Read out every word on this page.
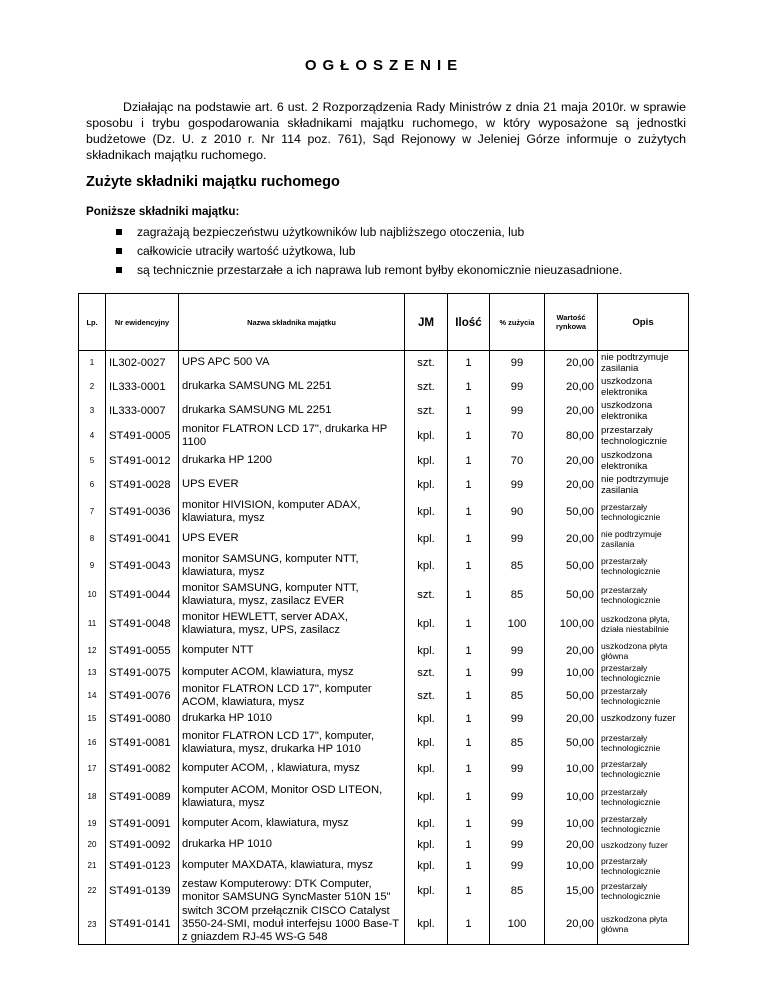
OGŁOSZENIE
Działając na podstawie art. 6 ust. 2 Rozporządzenia Rady Ministrów z dnia 21 maja 2010r. w sprawie sposobu i trybu gospodarowania składnikami majątku ruchomego, w który wyposażone są jednostki budżetowe (Dz. U. z 2010 r. Nr 114 poz. 761), Sąd Rejonowy w Jeleniej Górze informuje o zużytych składnikach majątku ruchomego.
Zużyte składniki majątku ruchomego
Poniższe składniki majątku:
zagrażają bezpieczeństwu użytkowników lub najbliższego otoczenia, lub
całkowicie utraciły wartość użytkowa, lub
są technicznie przestarzałe a ich naprawa lub remont byłby ekonomicznie nieuzasadnione.
Lp.	Nr ewidencyjny	Nazwa składnika majątku	JM	Ilość	% zużycia	Wartość rynkowa	Opis
1	IL302-0027	UPS APC 500 VA	szt.	1	99	20,00	nie podtrzymuje zasilania
2	IL333-0001	drukarka SAMSUNG ML 2251	szt.	1	99	20,00	uszkodzona elektronika
3	IL333-0007	drukarka SAMSUNG ML 2251	szt.	1	99	20,00	uszkodzona elektronika
4	ST491-0005	monitor FLATRON LCD 17", drukarka HP 1100	kpl.	1	70	80,00	przestarzały technologicznie
5	ST491-0012	drukarka HP 1200	kpl.	1	70	20,00	uszkodzona elektronika
6	ST491-0028	UPS EVER	kpl.	1	99	20,00	nie podtrzymuje zasilania
7	ST491-0036	monitor HIVISION, komputer ADAX, klawiatura, mysz	kpl.	1	90	50,00	przestarzały technologicznie
8	ST491-0041	UPS EVER	kpl.	1	99	20,00	nie podtrzymuje zasilania
9	ST491-0043	monitor SAMSUNG, komputer NTT, klawiatura, mysz	kpl.	1	85	50,00	przestarzały technologicznie
10	ST491-0044	monitor SAMSUNG, komputer NTT, klawiatura, mysz, zasilacz EVER	szt.	1	85	50,00	przestarzały technologicznie
11	ST491-0048	monitor HEWLETT, server ADAX, klawiatura, mysz, UPS, zasilacz	kpl.	1	100	100,00	uszkodzona płyta, działa niestabilnie
12	ST491-0055	komputer NTT	kpl.	1	99	20,00	uszkodzona płyta główna
13	ST491-0075	komputer ACOM, klawiatura, mysz	szt.	1	99	10,00	przestarzały technologicznie
14	ST491-0076	monitor FLATRON LCD 17", komputer ACOM, klawiatura, mysz	szt.	1	85	50,00	przestarzały technologicznie
15	ST491-0080	drukarka HP 1010	kpl.	1	99	20,00	uszkodzony fuzer
16	ST491-0081	monitor FLATRON LCD 17", komputer, klawiatura, mysz, drukarka HP 1010	kpl.	1	85	50,00	przestarzały technologicznie
17	ST491-0082	komputer ACOM, , klawiatura, mysz	kpl.	1	99	10,00	przestarzały technologicznie
18	ST491-0089	komputer ACOM, Monitor OSD LITEON, klawiatura, mysz	kpl.	1	99	10,00	przestarzały technologicznie
19	ST491-0091	komputer Acom, klawiatura, mysz	kpl.	1	99	10,00	przestarzały technologicznie
20	ST491-0092	drukarka HP 1010	kpl.	1	99	20,00	uszkodzony fuzer
21	ST491-0123	komputer MAXDATA, klawiatura, mysz	kpl.	1	99	10,00	przestarzały technologicznie
22	ST491-0139	zestaw Komputerowy: DTK Computer, monitor SAMSUNG SyncMaster 510N 15"	kpl.	1	85	15,00	przestarzały technologicznie
23	ST491-0141	switch 3COM przełącznik CISCO Catalyst 3550-24-SMI, moduł interfejsu 1000 Base-T z gniazdem RJ-45 WS-G 548	kpl.	1	100	20,00	uszkodzona płyta główna
